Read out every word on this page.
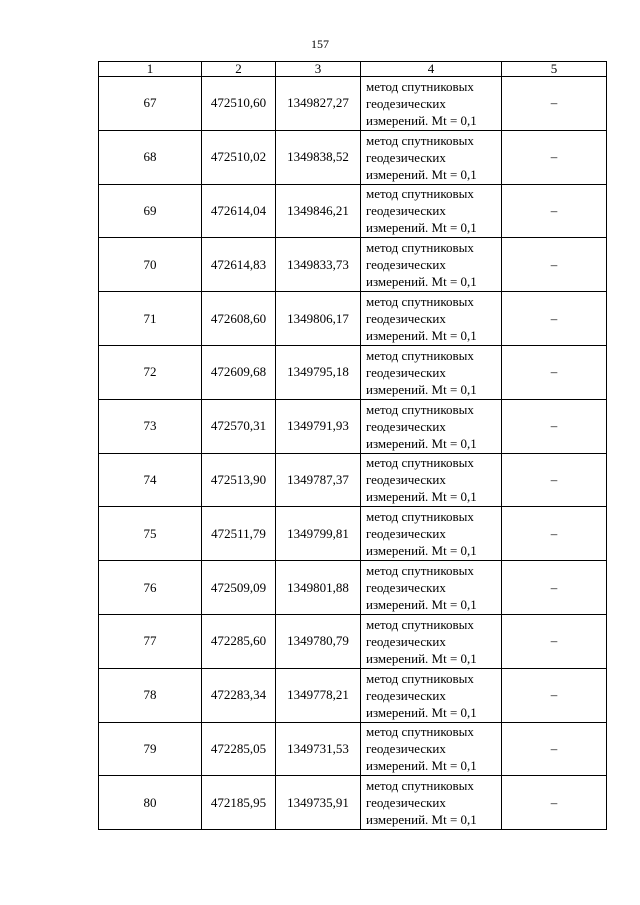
157
1	2	3	4	5
67	472510,60	1349827,27	метод спутниковых
геодезических
измерений. Mt = 0,1	–
68	472510,02	1349838,52	метод спутниковых
геодезических
измерений. Mt = 0,1	–
69	472614,04	1349846,21	метод спутниковых
геодезических
измерений. Mt = 0,1	–
70	472614,83	1349833,73	метод спутниковых
геодезических
измерений. Mt = 0,1	–
71	472608,60	1349806,17	метод спутниковых
геодезических
измерений. Mt = 0,1	–
72	472609,68	1349795,18	метод спутниковых
геодезических
измерений. Mt = 0,1	–
73	472570,31	1349791,93	метод спутниковых
геодезических
измерений. Mt = 0,1	–
74	472513,90	1349787,37	метод спутниковых
геодезических
измерений. Mt = 0,1	–
75	472511,79	1349799,81	метод спутниковых
геодезических
измерений. Mt = 0,1	–
76	472509,09	1349801,88	метод спутниковых
геодезических
измерений. Mt = 0,1	–
77	472285,60	1349780,79	метод спутниковых
геодезических
измерений. Mt = 0,1	–
78	472283,34	1349778,21	метод спутниковых
геодезических
измерений. Mt = 0,1	–
79	472285,05	1349731,53	метод спутниковых
геодезических
измерений. Mt = 0,1	–
80	472185,95	1349735,91	метод спутниковых
геодезических
измерений. Mt = 0,1	–
